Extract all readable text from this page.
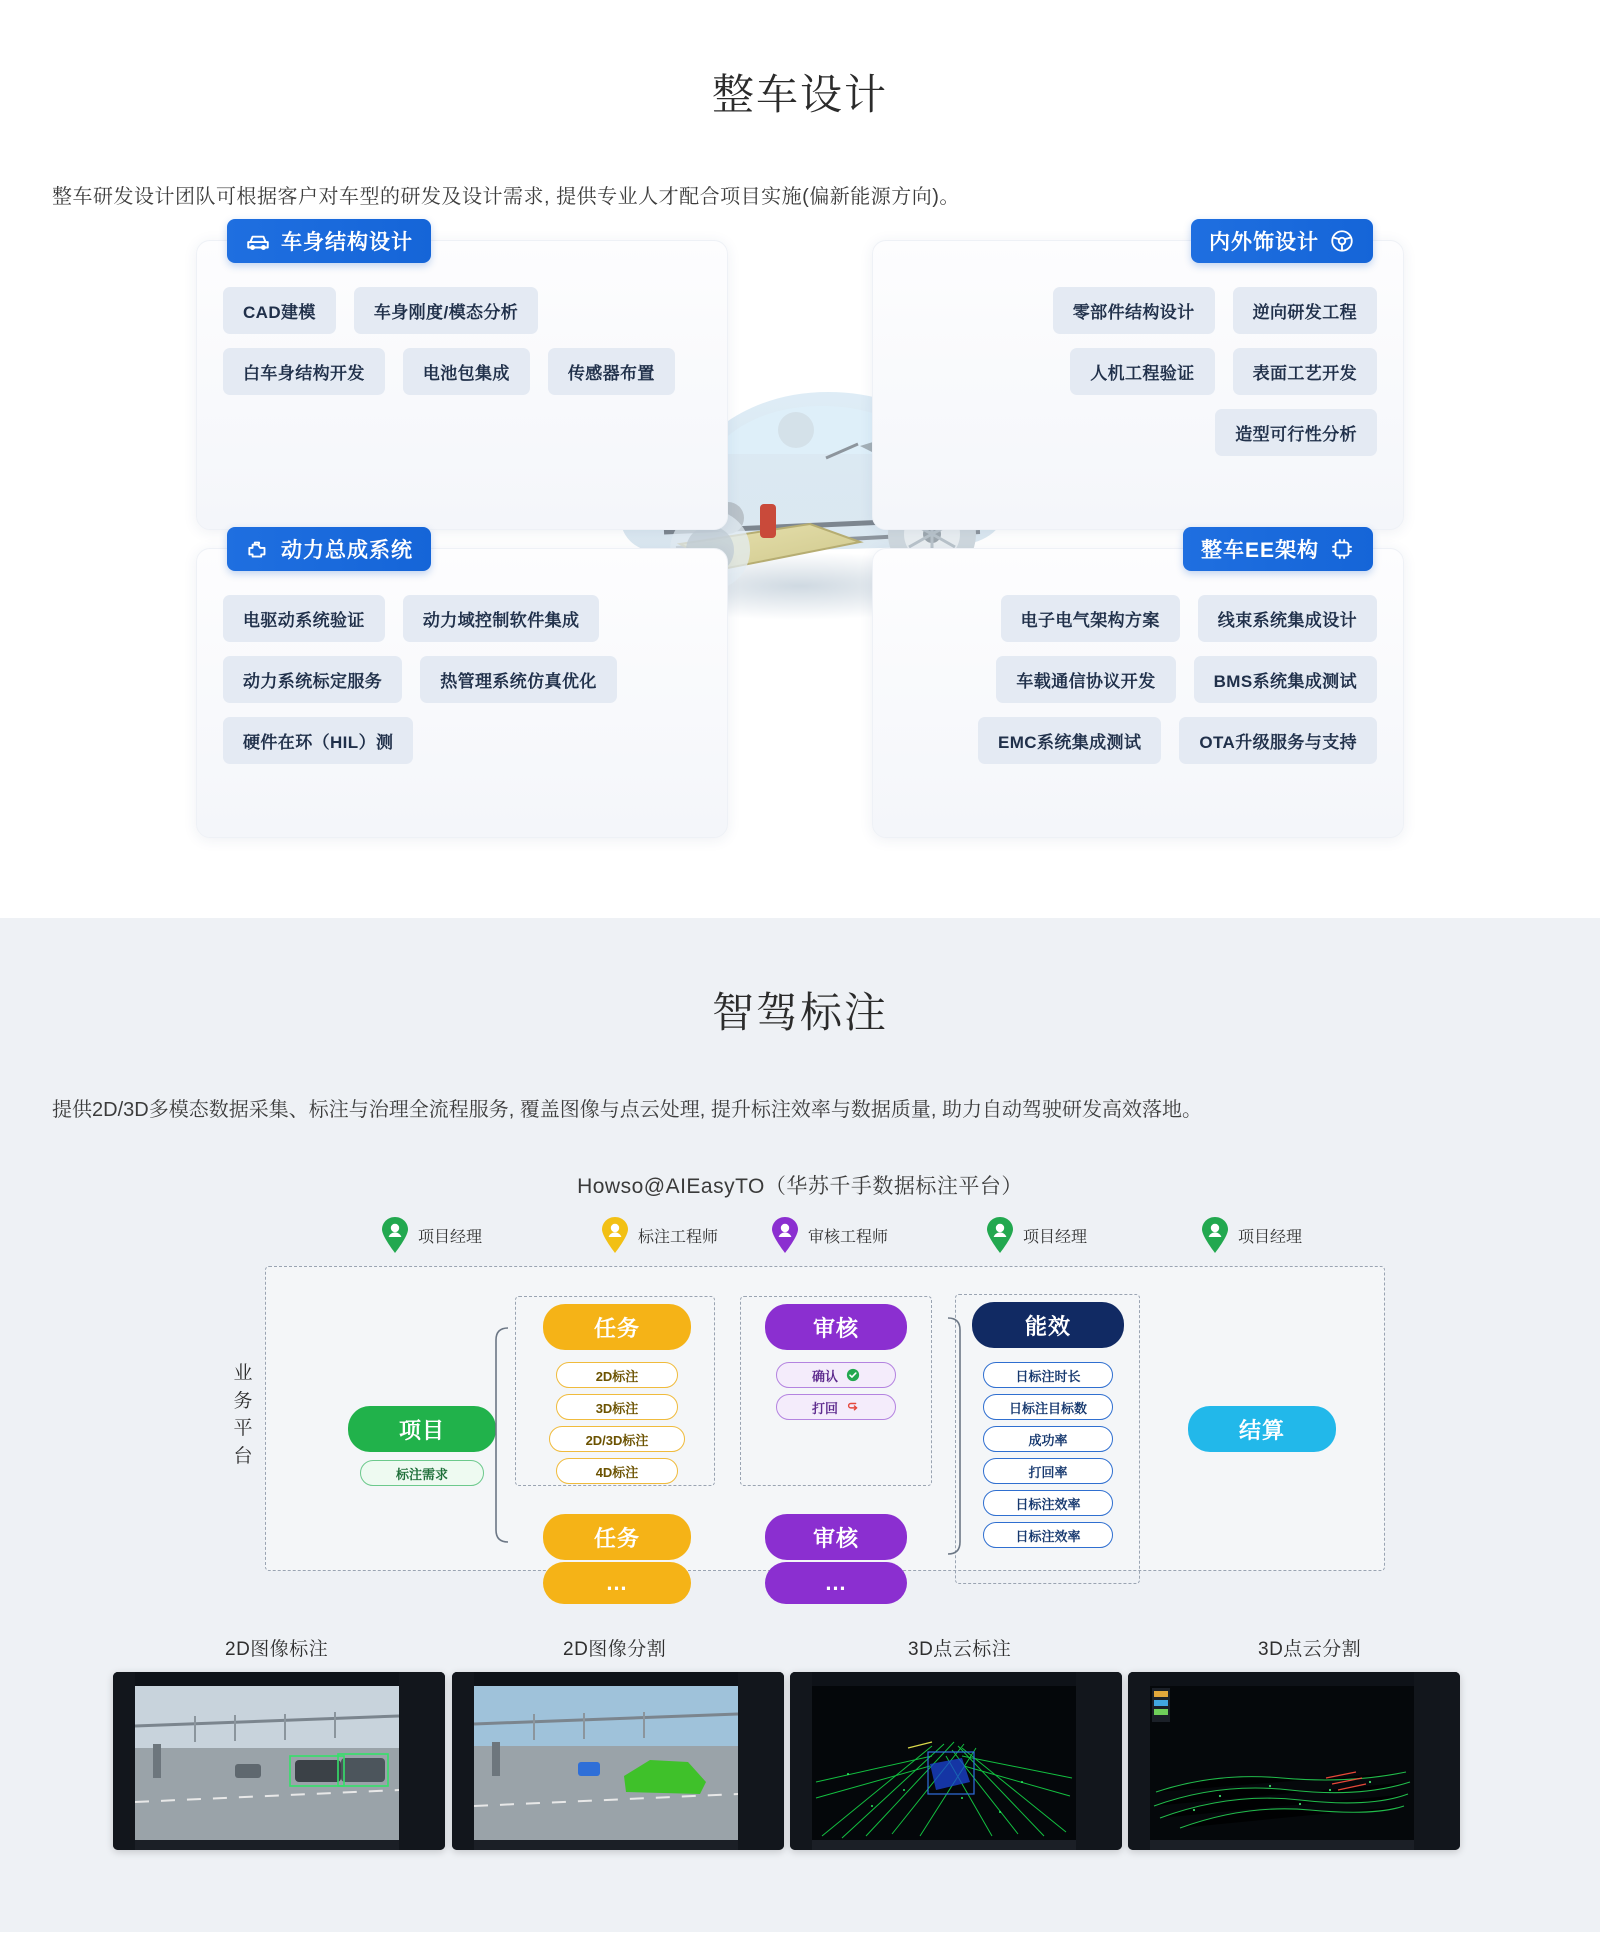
整车设计

整车研发设计团队可根据客户对车型的研发及设计需求, 提供专业人才配合项目实施(偏新能源方向)。

车身结构设计
CAD建模	车身刚度/模态分析
白车身结构开发	电池包集成	传感器布置
内外饰设计
零部件结构设计	逆向研发工程
人机工程验证	表面工艺开发
造型可行性分析
动力总成系统
电驱动系统验证	动力域控制软件集成
动力系统标定服务	热管理系统仿真优化
硬件在环（HIL）测
整车EE架构
电子电气架构方案	线束系统集成设计
车载通信协议开发	BMS系统集成测试
EMC系统集成测试	OTA升级服务与支持
智驾标注

提供2D/3D多模态数据采集、标注与治理全流程服务, 覆盖图像与点云处理, 提升标注效率与数据质量, 助力自动驾驶研发高效落地。

Howso@AIEasyTO（华苏千手数据标注平台）
项目经理	标注工程师	审核工程师	项目经理	项目经理
业务平台
项目
标注需求
任务
2D标注
3D标注
2D/3D标注
4D标注
任务
…
审核
确认
打回
审核
…
能效
日标注时长
日标注目标数
成功率
打回率
日标注效率
日标注效率
结算
2D图像标注	2D图像分割	3D点云标注	3D点云分割
